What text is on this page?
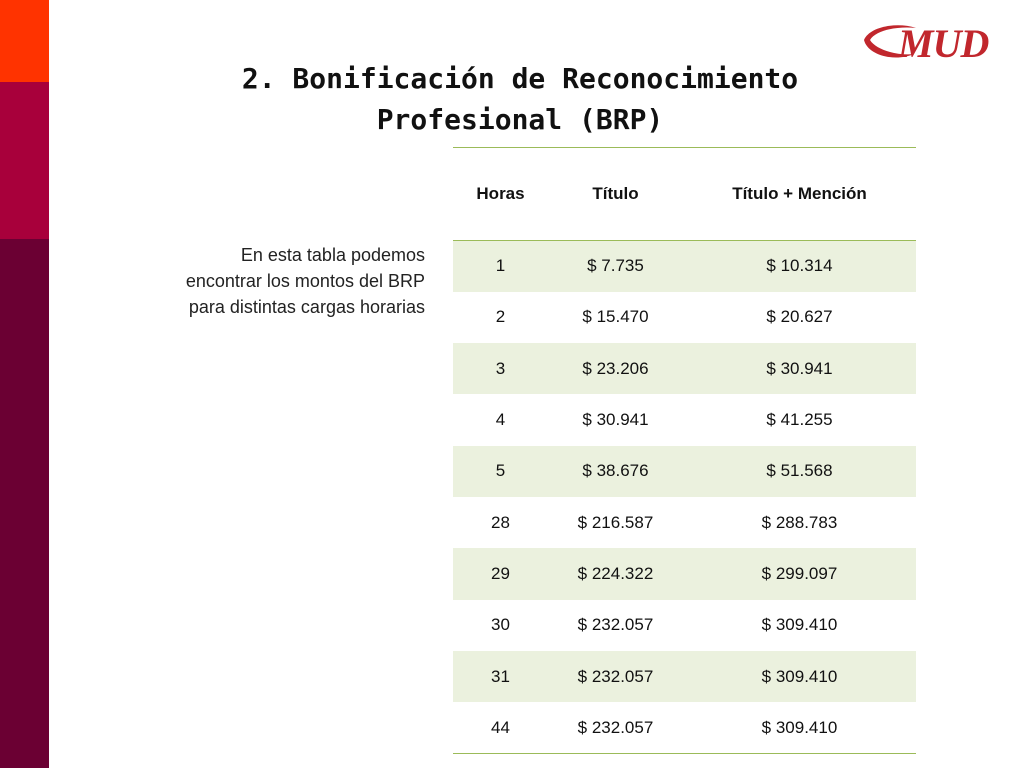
MUD
2. Bonificación de Reconocimiento
Profesional (BRP)
En esta tabla podemos
encontrar los montos del BRP
para distintas cargas horarias
Horas	Título	Título + Mención
1	$ 7.735	$ 10.314
2	$ 15.470	$ 20.627
3	$ 23.206	$ 30.941
4	$ 30.941	$ 41.255
5	$ 38.676	$ 51.568
28	$ 216.587	$ 288.783
29	$ 224.322	$ 299.097
30	$ 232.057	$ 309.410
31	$ 232.057	$ 309.410
44	$ 232.057	$ 309.410
